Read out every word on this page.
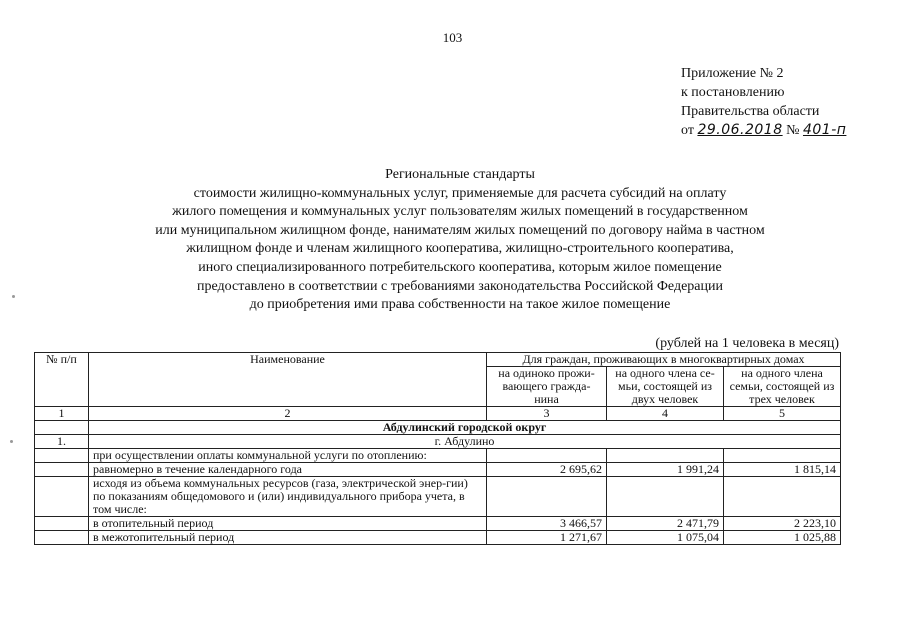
103
Приложение № 2
к постановлению
Правительства области
от 29.06.2018 № 401-п
Региональные стандарты
стоимости жилищно-коммунальных услуг, применяемые для расчета субсидий на оплату
жилого помещения и коммунальных услуг пользователям жилых помещений в государственном
или муниципальном жилищном фонде, нанимателям жилых помещений по договору найма в частном
жилищном фонде и членам жилищного кооператива, жилищно-строительного кооператива,
иного специализированного потребительского кооператива, которым жилое помещение
предоставлено в соответствии с требованиями законодательства Российской Федерации
до приобретения ими права собственности на такое жилое помещение
(рублей на 1 человека в месяц)
№ п/п	Наименование	Для граждан, проживающих в многоквартирных домах		
		на одиноко прожи-вающего гражда-нина	на одного члена се-мьи, состоящей из двух человек	на одного члена семьи, состоящей из трех человек
1	2	3	4	5
	Абдулинский городской округ			
1.	г. Абдулино			
	при осуществлении оплаты коммунальной услуги по отоплению:			
	равномерно в течение календарного года	2 695,62	1 991,24	1 815,14
	исходя из объема коммунальных ресурсов (газа, электрической энер-гии) по показаниям общедомового и (или) индивидуального прибора учета, в том числе:			
	в отопительный период	3 466,57	2 471,79	2 223,10
	в межотопительный период	1 271,67	1 075,04	1 025,88
